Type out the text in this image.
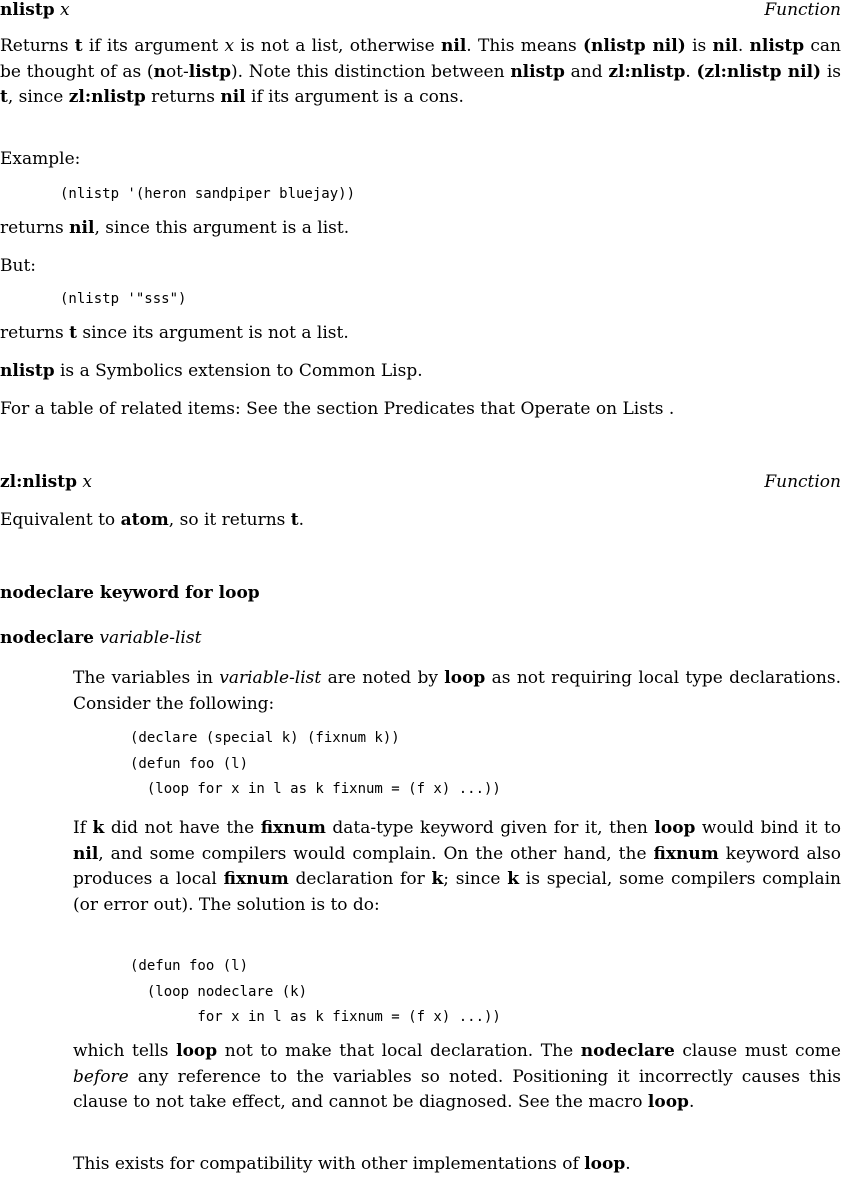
nlistp x	Function
Returns t if its argument x is not a list, otherwise nil. This means (nlistp nil) is nil. nlistp can be thought of as (not-listp). Note this distinction between nlistp and zl:nlistp. (zl:nlistp nil) is t, since zl:nlistp returns nil if its argument is a cons.
Example:
(nlistp '(heron sandpiper bluejay))
returns nil, since this argument is a list.
But:
(nlistp '"sss")
returns t since its argument is not a list.
nlistp is a Symbolics extension to Common Lisp.
For a table of related items: See the section Predicates that Operate on Lists .
zl:nlistp x	Function
Equivalent to atom, so it returns t.
nodeclare keyword for loop
nodeclare variable-list
The variables in variable-list are noted by loop as not requiring local type declarations. Consider the following:
(declare (special k) (fixnum k))
(defun foo (l)
(loop for x in l as k fixnum = (f x) ...))
If k did not have the fixnum data-type keyword given for it, then loop would bind it to nil, and some compilers would complain. On the other hand, the fixnum keyword also produces a local fixnum declaration for k; since k is special, some compilers complain (or error out). The solution is to do:
(defun foo (l)
(loop nodeclare (k)
for x in l as k fixnum = (f x) ...))
which tells loop not to make that local declaration. The nodeclare clause must come before any reference to the variables so noted. Positioning it incorrectly causes this clause to not take effect, and cannot be diagnosed. See the macro loop.
This exists for compatibility with other implementations of loop.
